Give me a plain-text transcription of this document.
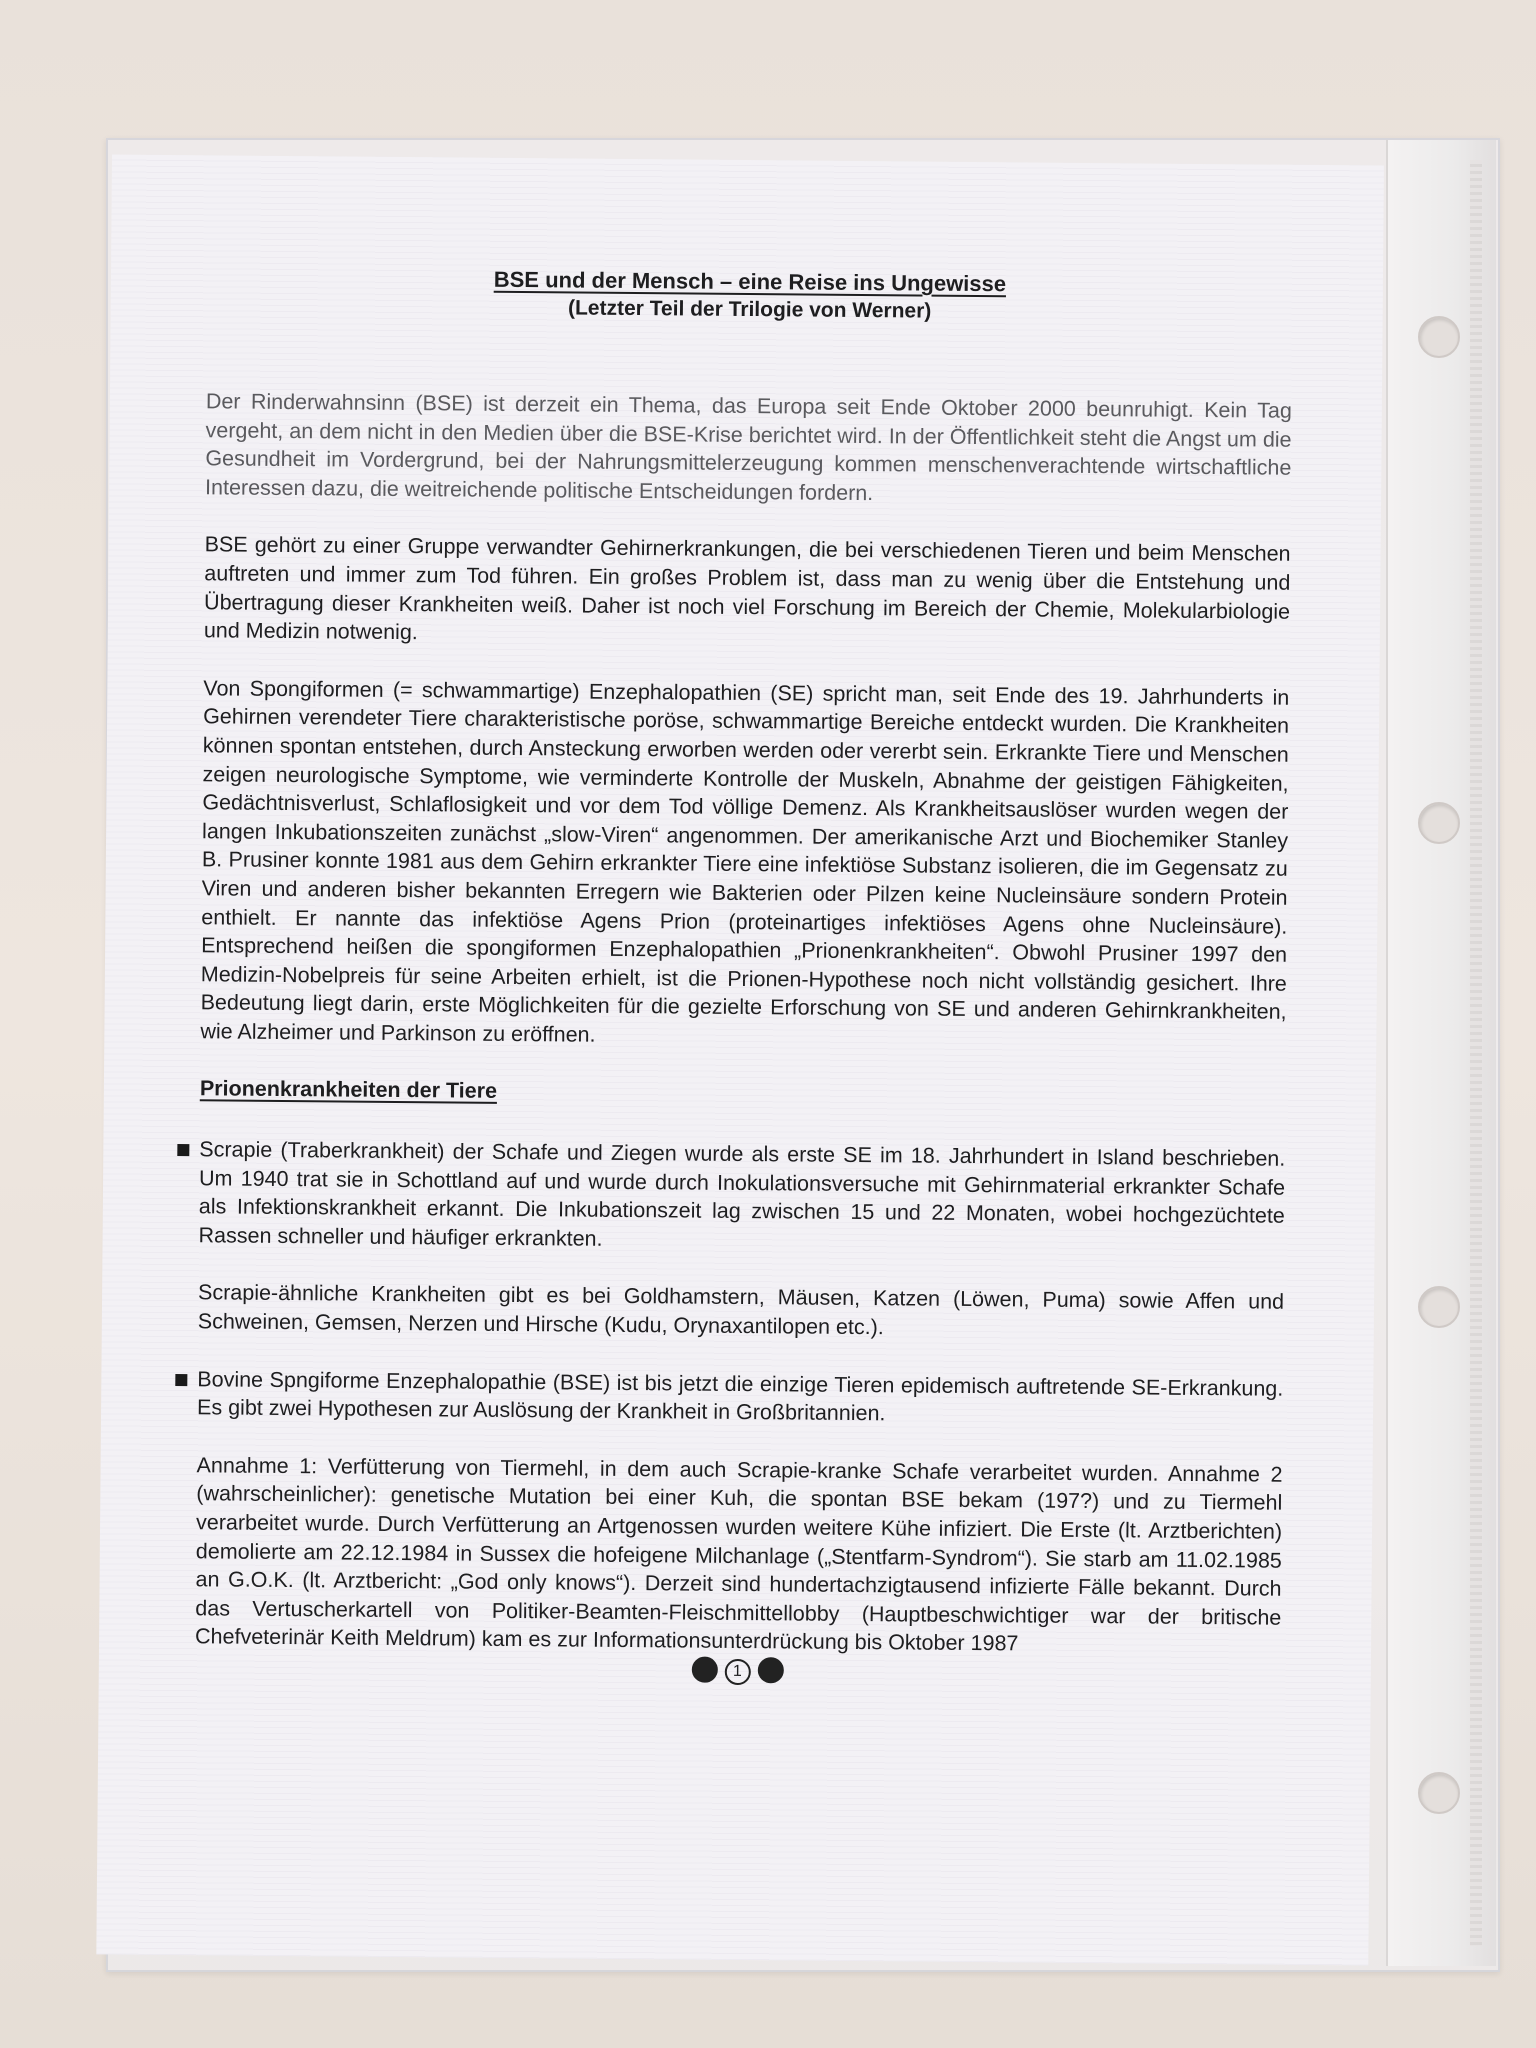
BSE und der Mensch – eine Reise ins Ungewisse
(Letzter Teil der Trilogie von Werner)

Der Rinderwahnsinn (BSE) ist derzeit ein Thema, das Europa seit Ende Oktober 2000 beunruhigt. Kein Tag vergeht, an dem nicht in den Medien über die BSE-Krise berichtet wird. In der Öffentlichkeit steht die Angst um die Gesundheit im Vordergrund, bei der Nahrungsmittelerzeugung kommen menschenverachtende wirtschaftliche Interessen dazu, die weitreichende politische Entscheidungen fordern.

BSE gehört zu einer Gruppe verwandter Gehirnerkrankungen, die bei verschiedenen Tieren und beim Menschen auftreten und immer zum Tod führen. Ein großes Problem ist, dass man zu wenig über die Entstehung und Übertragung dieser Krankheiten weiß. Daher ist noch viel Forschung im Bereich der Chemie, Molekularbiologie und Medizin notwenig.

Von Spongiformen (= schwammartige) Enzephalopathien (SE) spricht man, seit Ende des 19. Jahrhunderts in Gehirnen verendeter Tiere charakteristische poröse, schwammartige Bereiche entdeckt wurden. Die Krankheiten können spontan entstehen, durch Ansteckung erworben werden oder vererbt sein. Erkrankte Tiere und Menschen zeigen neurologische Symptome, wie verminderte Kontrolle der Muskeln, Abnahme der geistigen Fähigkeiten, Gedächtnisverlust, Schlaflosigkeit und vor dem Tod völlige Demenz. Als Krankheitsauslöser wurden wegen der langen Inkubationszeiten zunächst „slow-Viren“ angenommen. Der amerikanische Arzt und Biochemiker Stanley B. Prusiner konnte 1981 aus dem Gehirn erkrankter Tiere eine infektiöse Substanz isolieren, die im Gegensatz zu Viren und anderen bisher bekannten Erregern wie Bakterien oder Pilzen keine Nucleinsäure sondern Protein enthielt. Er nannte das infektiöse Agens Prion (proteinartiges infektiöses Agens ohne Nucleinsäure). Entsprechend heißen die spongiformen Enzephalopathien „Prionenkrankheiten“. Obwohl Prusiner 1997 den Medizin-Nobelpreis für seine Arbeiten erhielt, ist die Prionen-Hypothese noch nicht vollständig gesichert. Ihre Bedeutung liegt darin, erste Möglichkeiten für die gezielte Erforschung von SE und anderen Gehirnkrankheiten, wie Alzheimer und Parkinson zu eröffnen.

Prionenkrankheiten der Tiere
Scrapie (Traberkrankheit) der Schafe und Ziegen wurde als erste SE im 18. Jahrhundert in Island beschrieben. Um 1940 trat sie in Schottland auf und wurde durch Inokulationsversuche mit Gehirnmaterial erkrankter Schafe als Infektionskrankheit erkannt. Die Inkubationszeit lag zwischen 15 und 22 Monaten, wobei hochgezüchtete Rassen schneller und häufiger erkrankten.

Scrapie-ähnliche Krankheiten gibt es bei Goldhamstern, Mäusen, Katzen (Löwen, Puma) sowie Affen und Schweinen, Gemsen, Nerzen und Hirsche (Kudu, Orynaxantilopen etc.).

Bovine Spngiforme Enzephalopathie (BSE) ist bis jetzt die einzige Tieren epidemisch auftretende SE-Erkrankung. Es gibt zwei Hypothesen zur Auslösung der Krankheit in Großbritannien.

Annahme 1: Verfütterung von Tiermehl, in dem auch Scrapie-kranke Schafe verarbeitet wurden. Annahme 2 (wahrscheinlicher): genetische Mutation bei einer Kuh, die spontan BSE bekam (197?) und zu Tiermehl verarbeitet wurde. Durch Verfütterung an Artgenossen wurden weitere Kühe infiziert. Die Erste (lt. Arztberichten) demolierte am 22.12.1984 in Sussex die hofeigene Milchanlage („Stentfarm-Syndrom“). Sie starb am 11.02.1985 an G.O.K. (lt. Arztbericht: „God only knows“). Derzeit sind hundertachzigtausend infizierte Fälle bekannt. Durch das Vertuscherkartell von Politiker-Beamten-Fleischmittellobby (Hauptbeschwichtiger war der britische Chefveterinär Keith Meldrum) kam es zur Informationsunterdrückung bis Oktober 1987

1
